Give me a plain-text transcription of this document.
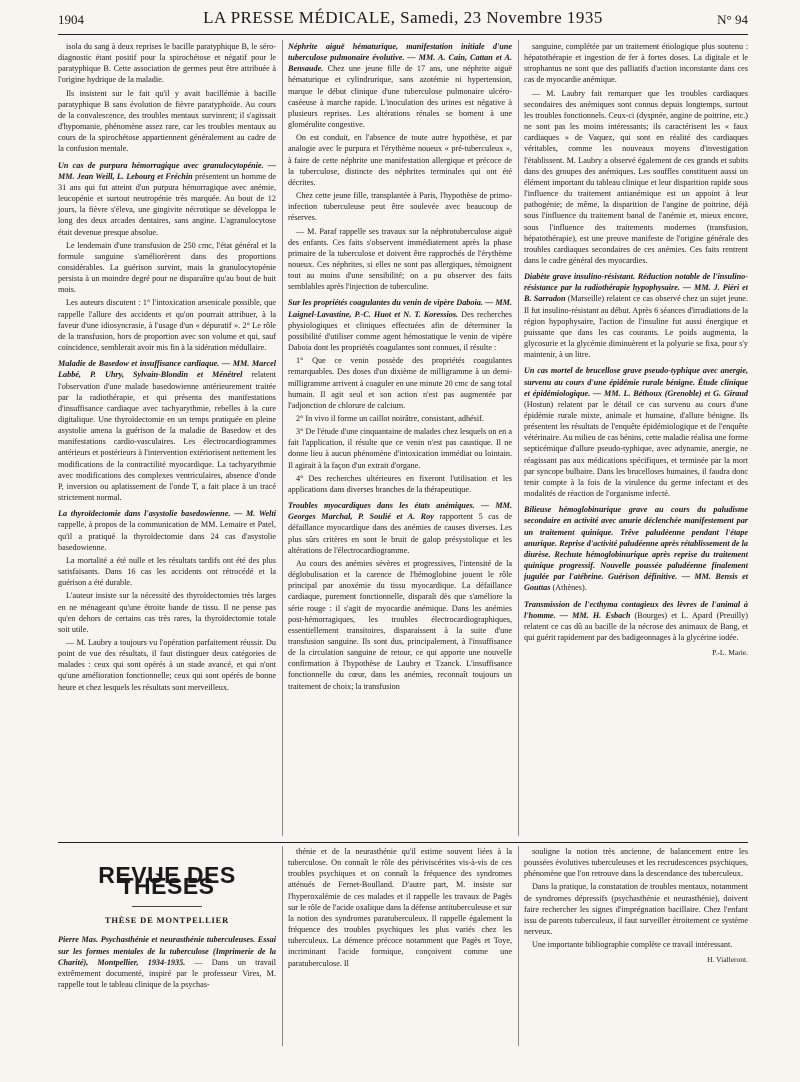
1904	LA PRESSE MÉDICALE, Samedi, 23 Novembre 1935	N° 94

isola du sang à deux reprises le bacille paratyphique B, le séro-diagnostic étant positif pour la spirochétose et négatif pour le paratyphique B. Cette association de germes peut être attribuée à l'origine hydrique de la maladie.

Ils insistent sur le fait qu'il y avait bacillémie à bacille paratyphique B sans évolution de fièvre paratyphoïde. Au cours de la convalescence, des troubles mentaux survinrent; il s'agissait d'hypomanie, phénomène assez rare, car les troubles mentaux au cours de la spirochétose appartiennent généralement au cadre de la confusion mentale.

Un cas de purpura hémorragique avec granulocytopénie. — MM. Jean Weill, L. Lebourg et Fréchin présentent un homme de 31 ans qui fut atteint d'un purpura hémorragique avec anémie, leucopénie et surtout neutropénie très marquée. Au bout de 12 jours, la fièvre s'éleva, une gingivite nécrotique se développa le long des deux arcades dentaires, sans angine. L'agranulocytose était devenue presque absolue.

Le lendemain d'une transfusion de 250 cmc, l'état général et la formule sanguine s'améliorèrent dans des proportions considérables. La guérison survint, mais la granulocytopénie persista à un moindre degré pour ne disparaître qu'au bout de huit mois.

Les auteurs discutent : 1° l'intoxication arsenicale possible, que rappelle l'allure des accidents et qu'on pourrait attribuer, à la faveur d'une idiosyncrasie, à l'usage d'un « dépuratif ». 2° Le rôle de la transfusion, hors de proportion avec son volume et qui, sauf coïncidence, semblerait avoir mis fin à la sidération médullaire.

Maladie de Basedow et insuffisance cardiaque. — MM. Marcel Labbé, P. Uhry, Sylvain-Blondin et Ménétrel relatent l'observation d'une malade basedowienne antérieurement traitée par la radiothérapie, et qui présenta des manifestations d'insuffisance cardiaque avec tachyarythmie, rebelles à la cure digitalique. Une thyroïdectomie en un temps pratiquée en pleine asystolie amena la guérison de la maladie de Basedow et des manifestations cardio-vasculaires. Les électrocardiogrammes antérieurs et postérieurs à l'intervention extériorisent nettement les modifications de la contractilité myocardique. La tachyarythmie avec modifications des complexes ventriculaires, absence d'onde P, inversion ou aplatissement de l'onde T, a fait place à un tracé strictement normal.

La thyroïdectomie dans l'asystolie basedowienne. — M. Welti rappelle, à propos de la communication de MM. Lemaire et Patel, qu'il a pratiqué la thyroïdectomie dans 24 cas d'asystolie basedowienne.

La mortalité a été nulle et les résultats tardifs ont été des plus satisfaisants. Dans 16 cas les accidents ont rétrocédé et la guérison a été durable.

L'auteur insiste sur la nécessité des thyroïdectomies très larges en ne ménageant qu'une étroite bande de tissu. Il ne pense pas qu'en dehors de certains cas très rares, la thyroïdectomie totale soit utile.

— M. Laubry a toujours vu l'opération parfaitement réussir. Du point de vue des résultats, il faut distinguer deux catégories de malades : ceux qui sont opérés à un stade avancé, et qui n'ont qu'une amélioration fonctionnelle; ceux qui sont opérés de bonne heure et chez lesquels les résultats sont merveilleux.

Néphrite aiguë hématurique, manifestation initiale d'une tuberculose pulmonaire évolutive. — MM. A. Cain, Cattan et A. Bensaude. Chez une jeune fille de 17 ans, une néphrite aiguë hématurique et cylindrurique, sans azotémie ni hypertension, marque le début clinique d'une tuberculose pulmonaire ulcéro-caséeuse à marche rapide. L'inoculation des urines est négative à plusieurs reprises. Les altérations rénales se bornent à une glomérulite congestive.

On est conduit, en l'absence de toute autre hypothèse, et par analogie avec le purpura et l'érythème noueux « pré-tuberculeux », à faire de cette néphrite une manifestation allergique et précoce de la tuberculose, distincte des néphrites terminales qui ont été décrites.

Chez cette jeune fille, transplantée à Paris, l'hypothèse de primo-infection tuberculeuse peut être soulevée avec beaucoup de réserves.

— M. Paraf rappelle ses travaux sur la néphrotuberculose aiguë des enfants. Ces faits s'observent immédiatement après la phase primaire de la tuberculose et doivent être rapprochés de l'érythème noueux. Ces néphrites, si elles ne sont pas allergiques, témoignent tout au moins d'une sensibilité; on a pu observer des faits semblables après l'injection de tuberculine.

Sur les propriétés coagulantes du venin de vipère Daboia. — MM. Laignel-Lavastine, P.-C. Huot et N. T. Koressios. Des recherches physiologiques et cliniques effectuées afin de déterminer la possibilité d'utiliser comme agent hémostatique le venin de vipère Daboia dont les propriétés coagulantes sont connues, il résulte :

1° Que ce venin possède des propriétés coagulantes remarquables. Des doses d'un dixième de milligramme à un demi-milligramme arrivent à coaguler en une minute 20 cmc de sang total humain. Il agit seul et son action n'est pas augmentée par l'adjonction de chlorure de calcium.

2° In vivo il forme un caillot noirâtre, consistant, adhésif.

3° De l'étude d'une cinquantaine de malades chez lesquels on en a fait l'application, il résulte que ce venin n'est pas caustique. Il ne donne lieu à aucun phénomène d'intoxication immédiat ou lointain. Il agirait à la façon d'un extrait d'organe.

4° Des recherches ultérieures en fixeront l'utilisation et les applications dans diverses branches de la thérapeutique.

Troubles myocardiques dans les états anémiques. — MM. Georges Marchal, P. Soulié et A. Roy rapportent 5 cas de défaillance myocardique dans des anémies de causes diverses. Les plus sûrs critères en sont le bruit de galop présystolique et les altérations de l'électrocardiogramme.

Au cours des anémies sévères et progressives, l'intensité de la déglobulisation et la carence de l'hémoglobine jouent le rôle principal par anoxémie du tissu myocardique. La défaillance cardiaque, purement fonctionnelle, disparaît dès que s'améliore la série rouge : il s'agit de myocardie anémique. Dans les anémies post-hémorragiques, les troubles électrocardiographiques, essentiellement transitoires, disparaissent à la suite d'une transfusion sanguine. Ils sont dus, principalement, à l'insuffisance de la circulation sanguine de retour, ce qui apporte une nouvelle confirmation à l'hypothèse de Laubry et Tzanck. L'insuffisance fonctionnelle du cœur, dans les anémies, reconnaît toujours un traitement de choix; la transfusion

sanguine, complétée par un traitement étiologique plus soutenu : hépatothérapie et ingestion de fer à fortes doses. La digitale et le strophantus ne sont que des palliatifs d'action inconstante dans ces cas de myocardie anémique.

— M. Laubry fait remarquer que les troubles cardiaques secondaires des anémiques sont connus depuis longtemps, surtout les troubles fonctionnels. Ceux-ci (dyspnée, angine de poitrine, etc.) ne sont pas les moins intéressants; ils caractérisent les « faux cardiaques » de Vaquez, qui sont en réalité des cardiaques véritables, comme les nouveaux moyens d'investigation l'établissent. M. Laubry a observé également de ces grands et subits dans des groupes des anémiques. Les souffles constituent aussi un élément important du tableau clinique et leur disparition rapide sous l'influence du traitement antianémique est un appoint à leur pathogénie; de même, la disparition de l'angine de poitrine, déjà sous l'influence du traitement banal de l'anémie et, mieux encore, sous l'influence des traitements modernes (transfusion, hépatothérapie), est une preuve manifeste de l'origine générale des troubles cardiaques secondaires de ces anémies. Ces faits rentrent dans le cadre général des myocardies.

Diabète grave insulino-résistant. Réduction notable de l'insulino-résistance par la radiothérapie hypophysaire. — MM. J. Piéri et B. Sarradon (Marseille) relatent ce cas observé chez un sujet jeune. Il fut insulino-résistant au début. Après 6 séances d'irradiations de la région hypophysaire, l'action de l'insuline fut aussi énergique et puissante que dans les cas courants. Le poids augmenta, la glycosurie et la glycémie diminuèrent et la polyurie se fixa, pour s'y maintenir, à un litre.

Un cas mortel de brucellose grave pseudo-typhique avec anergie, survenu au cours d'une épidémie rurale bénigne. Étude clinique et épidémiologique. — MM. L. Béthoux (Grenoble) et G. Giraud (Hostun) relatent par le détail ce cas survenu au cours d'une épidémie rurale mixte, animale et humaine, d'allure bénigne. Ils présentent les résultats de l'enquête épidémiologique et de l'enquête vétérinaire. Au milieu de cas bénins, cette maladie réalisa une forme septicémique d'allure pseudo-typhique, avec adynamie, anergie, ne réagissant pas aux médications spécifiques, et terminée par la mort par syncope bulbaire. Dans les brucelloses humaines, il faudra donc tenir compte à la fois de la virulence du germe infectant et des modalités de réaction de l'organisme infecté.

Bilieuse hémoglobinurique grave au cours du paludisme secondaire en activité avec anurie déclenchée manifestement par un traitement quinique. Trêve paludéenne pendant l'étape anurique. Reprise d'activité paludéenne après rétablissement de la diurèse. Rechute hémoglobinurique après reprise du traitement quinique progressif. Nouvelle poussée paludéenne finalement jugulée par l'atébrine. Guérison définitive. — MM. Bensis et Gouttas (Athènes).

Transmission de l'ecthyma contagieux des lèvres de l'animal à l'homme. — MM. H. Esbach (Bourges) et L. Apard (Preuilly) relatent ce cas dû au bacille de la nécrose des animaux de Bang, et qui guérit rapidement par des badigeonnages à la glycérine iodée.

P.-L. Marie.

REVUE DES THÈSES
THÈSE DE MONTPELLIER

Pierre Mas. Psychasthénie et neurasthénie tuberculeuses. Essai sur les formes mentales de la tuberculose (Imprimerie de la Charité), Montpellier, 1934-1935. — Dans un travail extrêmement documenté, inspiré par le professeur Vires, M. rappelle tout le tableau clinique de la psychas-

thénie et de la neurasthénie qu'il estime souvent liées à la tuberculose. On connaît le rôle des périviscérites vis-à-vis de ces troubles psychiques et on connaît la fréquence des syndromes atténués de Fernet-Boulland. D'autre part, M. insiste sur l'hyperoxalémie de ces malades et il rappelle les travaux de Pagès sur le rôle de l'acide oxalique dans la défense antituberculeuse et sur la notion des syndromes paratuberculeux. Il rappelle également la fréquence des troubles psychiques les plus variés chez les tuberculeux. La démence précoce notamment que Pagès et Toye, incriminant l'acide formique, conçoivent comme une paratuberculose. Il

souligne la notion très ancienne, de balancement entre les poussées évolutives tuberculeuses et les recrudescences psychiques, phénomène que l'on retrouve dans la descendance des tuberculeux.

Dans la pratique, la constatation de troubles mentaux, notamment de syndromes dépressifs (psychasthénie et neurasthénie), doivent faire rechercher les signes d'imprégnation bacillaire. Chez l'enfant issu de parents tuberculeux, il faut surveiller étroitement ce système nerveux.

Une importante bibliographie complète ce travail intéressant.

H. Vialleront.
